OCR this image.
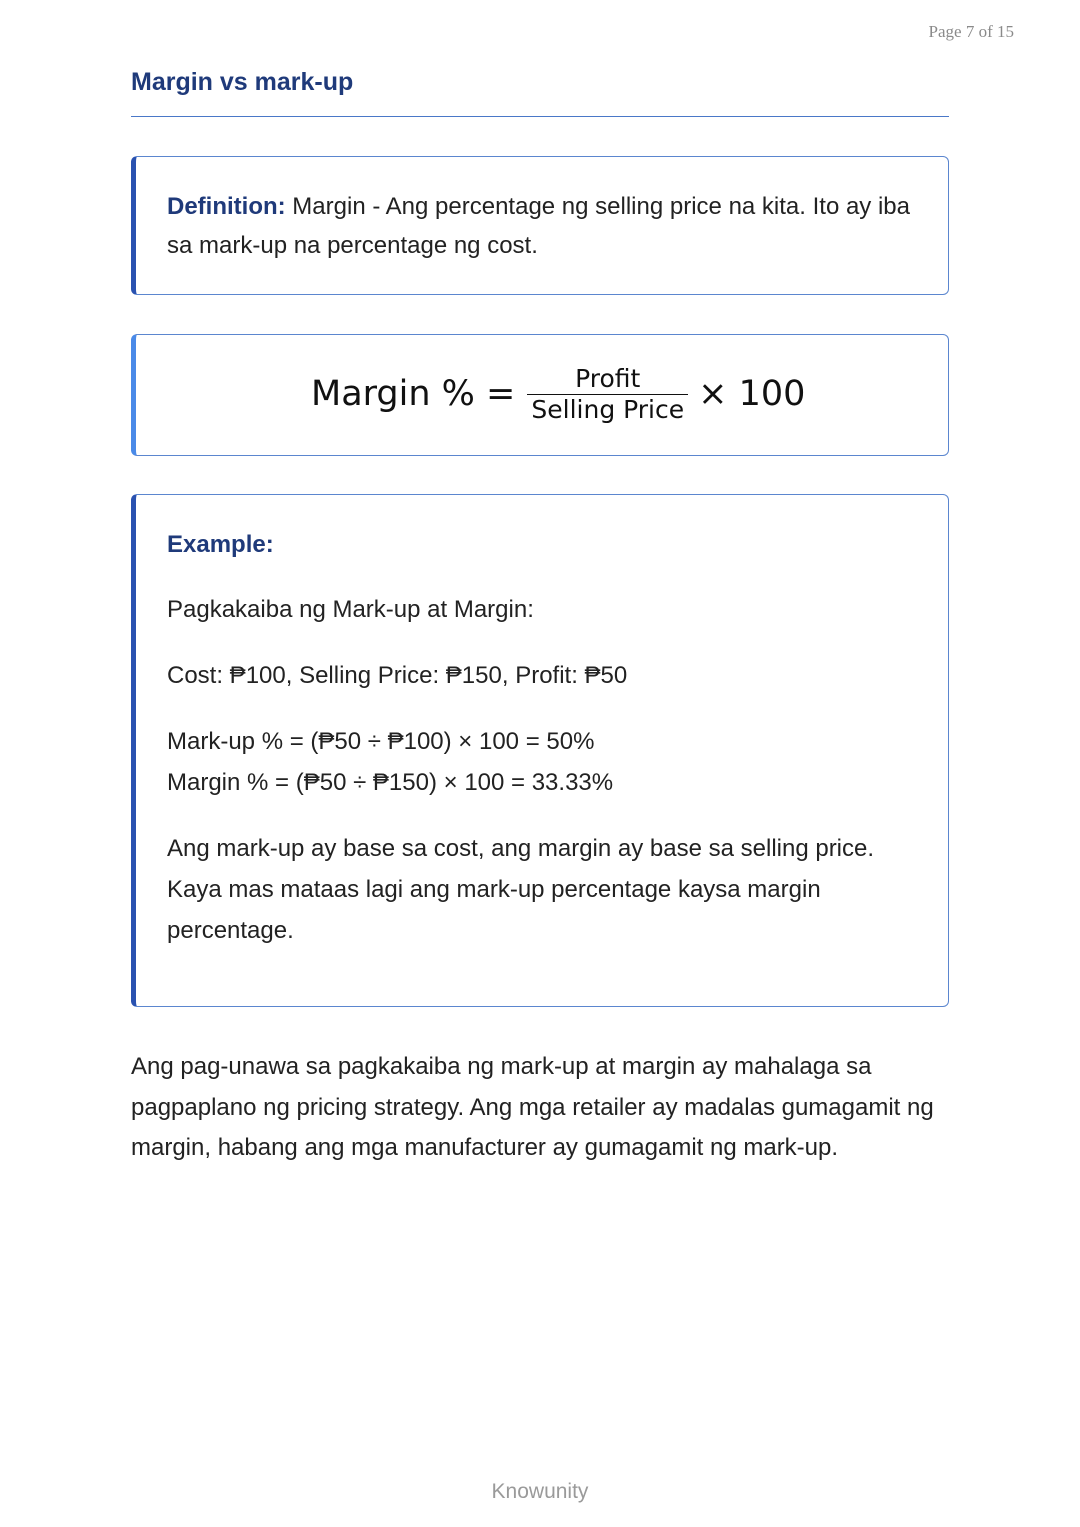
Page 7 of 15
Margin vs mark-up
Definition: Margin - Ang percentage ng selling price na kita. Ito ay iba sa mark-up na percentage ng cost.
Margin % = $\frac{\text{Profit}}{\text{Selling Price}} \times 100$

Example:

Pagkakaiba ng Mark-up at Margin:

Cost: ₱100, Selling Price: ₱150, Profit: ₱50

Mark-up % = (₱50 ÷ ₱100) × 100 = 50%
Margin % = (₱50 ÷ ₱150) × 100 = 33.33%

Ang mark-up ay base sa cost, ang margin ay base sa selling price. Kaya mas mataas lagi ang mark-up percentage kaysa margin percentage.

Ang pag-unawa sa pagkakaiba ng mark-up at margin ay mahalaga sa pagpaplano ng pricing strategy. Ang mga retailer ay madalas gumagamit ng margin, habang ang mga manufacturer ay gumagamit ng mark-up.

Knowunity
